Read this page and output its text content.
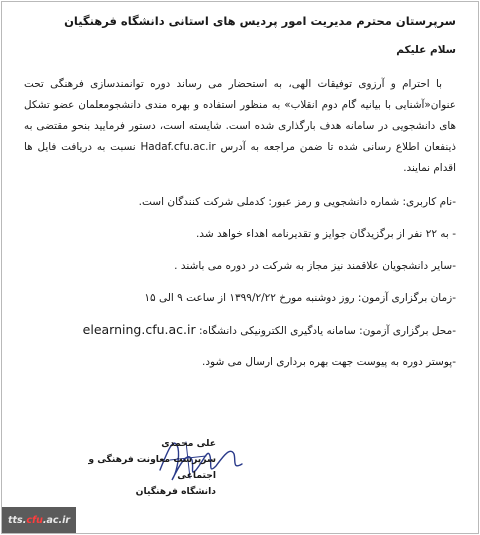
سرپرستان محترم مدیریت امور پردیس های استانی دانشگاه فرهنگیان
سلام علیکم

با احترام و آرزوی توفیقات الهی، به استحضار می رساند دوره توانمندسازی فرهنگی تحت عنوان«آشنایی با بیانیه گام دوم انقلاب» به منظور استفاده و بهره مندی دانشجومعلمان عضو تشکل های دانشجویی در سامانه هدف بارگذاری شده است. شایسته است، دستور فرمایید بنحو مقتضی به ذینفعان اطلاع رسانی شده تا ضمن مراجعه به آدرس Hadaf.cfu.ac.ir نسبت به دریافت فایل ها اقدام نمایند.

-نام کاربری: شماره دانشجویی و رمز عبور: کدملی شرکت کنندگان است.
- به ۲۲ نفر از برگزیدگان جوایز و تقدیرنامه اهداء خواهد شد.
-سایر دانشجویان علاقمند نیز مجاز به شرکت در دوره می باشند .
-زمان برگزاری آزمون: روز دوشنبه مورخ ۱۳۹۹/۲/۲۲ از ساعت ۹ الی ۱۵
-محل برگزاری آزمون: سامانه یادگیری الکترونیکی دانشگاه: elearning.cfu.ac.ir
-پوستر دوره به پیوست جهت بهره برداری ارسال می شود.
علی محمدی
سرپرست معاونت فرهنگی و اجتماعی
دانشگاه فرهنگیان
tts. cfu .ac.ir
